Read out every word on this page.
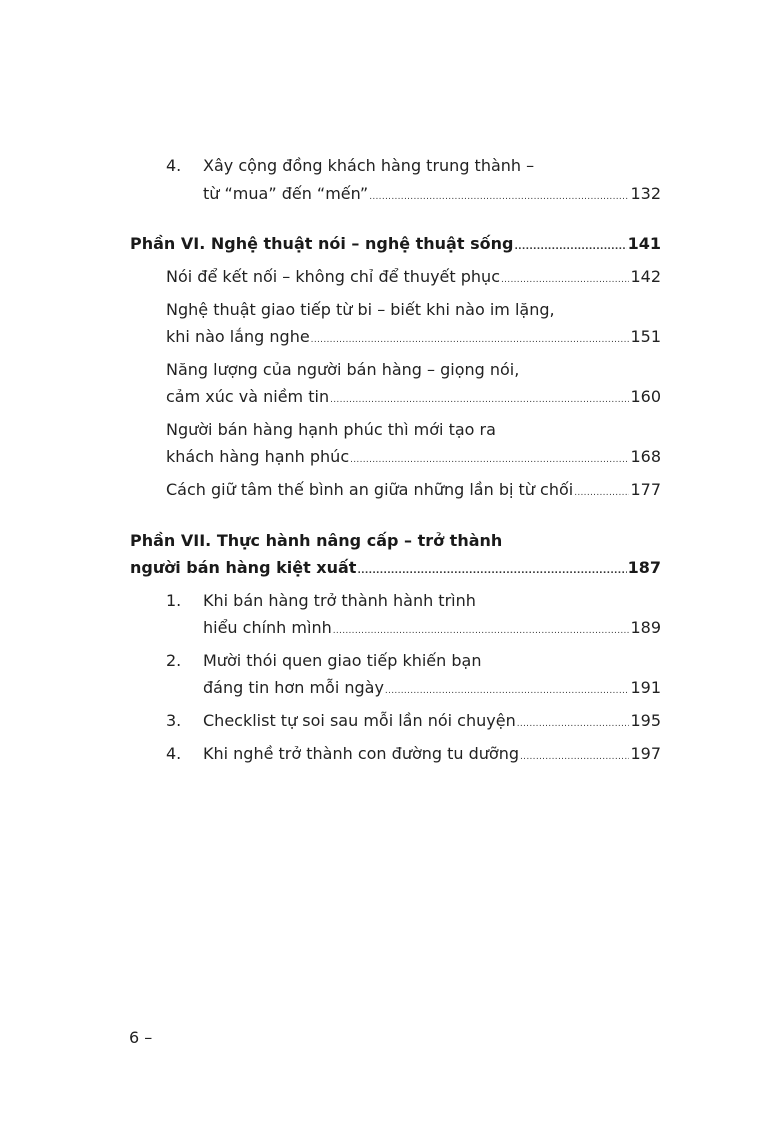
4. Xây cộng đồng khách hàng trung thành –
từ “mua” đến “mến” .....	132
Phần VI. Nghệ thuật nói – nghệ thuật sống .....	141
Nói để kết nối – không chỉ để thuyết phục .....	142
Nghệ thuật giao tiếp từ bi – biết khi nào im lặng,
khi nào lắng nghe .....	151
Năng lượng của người bán hàng – giọng nói,
cảm xúc và niềm tin .....	160
Người bán hàng hạnh phúc thì mới tạo ra
khách hàng hạnh phúc .....	168
Cách giữ tâm thế bình an giữa những lần bị từ chối .....	177
Phần VII. Thực hành nâng cấp – trở thành
người bán hàng kiệt xuất .....	187
1. Khi bán hàng trở thành hành trình
hiểu chính mình .....	189
2. Mười thói quen giao tiếp khiến bạn
đáng tin hơn mỗi ngày .....	191
3. Checklist tự soi sau mỗi lần nói chuyện .....	195
4. Khi nghề trở thành con đường tu dưỡng .....	197
6 –
